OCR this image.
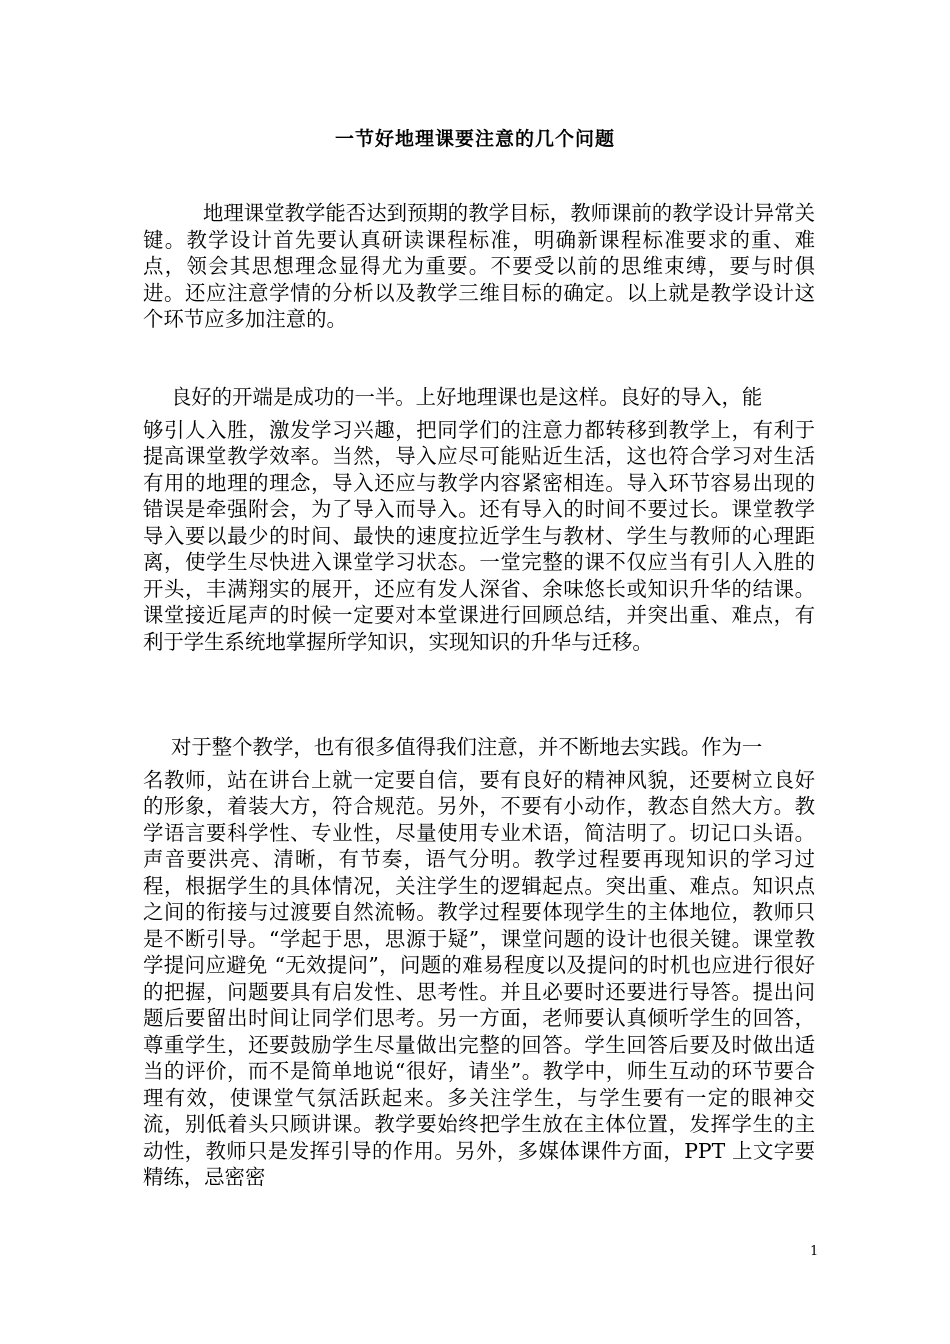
一节好地理课要注意的几个问题

地理课堂教学能否达到预期的教学目标，教师课前的教学设计异常关键。教学设计首先要认真研读课程标准，明确新课程标准要求的重、难点，领会其思想理念显得尤为重要。不要受以前的思维束缚，要与时俱进。还应注意学情的分析以及教学三维目标的确定。以上就是教学设计这个环节应多加注意的。

良好的开端是成功的一半。上好地理课也是这样。良好的导入，能
够引人入胜，激发学习兴趣，把同学们的注意力都转移到教学上，有利于提高课堂教学效率。当然，导入应尽可能贴近生活，这也符合学习对生活有用的地理的理念，导入还应与教学内容紧密相连。导入环节容易出现的错误是牵强附会，为了导入而导入。还有导入的时间不要过长。课堂教学导入要以最少的时间、最快的速度拉近学生与教材、学生与教师的心理距离，使学生尽快进入课堂学习状态。一堂完整的课不仅应当有引人入胜的开头，丰满翔实的展开，还应有发人深省、余味悠长或知识升华的结课。课堂接近尾声的时候一定要对本堂课进行回顾总结，并突出重、难点，有利于学生系统地掌握所学知识，实现知识的升华与迁移。

对于整个教学，也有很多值得我们注意，并不断地去实践。作为一
名教师，站在讲台上就一定要自信，要有良好的精神风貌，还要树立良好的形象，着装大方，符合规范。另外，不要有小动作，教态自然大方。教学语言要科学性、专业性，尽量使用专业术语，简洁明了。切记口头语。声音要洪亮、清晰，有节奏，语气分明。教学过程要再现知识的学习过程，根据学生的具体情况，关注学生的逻辑起点。突出重、难点。知识点之间的衔接与过渡要自然流畅。教学过程要体现学生的主体地位，教师只是不断引导。“学起于思，思源于疑”，课堂问题的设计也很关键。课堂教学提问应避免 “无效提问”，问题的难易程度以及提问的时机也应进行很好的把握，问题要具有启发性、思考性。并且必要时还要进行导答。提出问题后要留出时间让同学们思考。另一方面，老师要认真倾听学生的回答，尊重学生，还要鼓励学生尽量做出完整的回答。学生回答后要及时做出适当的评价，而不是简单地说“很好，请坐”。教学中，师生互动的环节要合理有效，使课堂气氛活跃起来。多关注学生，与学生要有一定的眼神交流，别低着头只顾讲课。教学要始终把学生放在主体位置，发挥学生的主动性，教师只是发挥引导的作用。另外，多媒体课件方面，PPT 上文字要精练，忌密密

1
